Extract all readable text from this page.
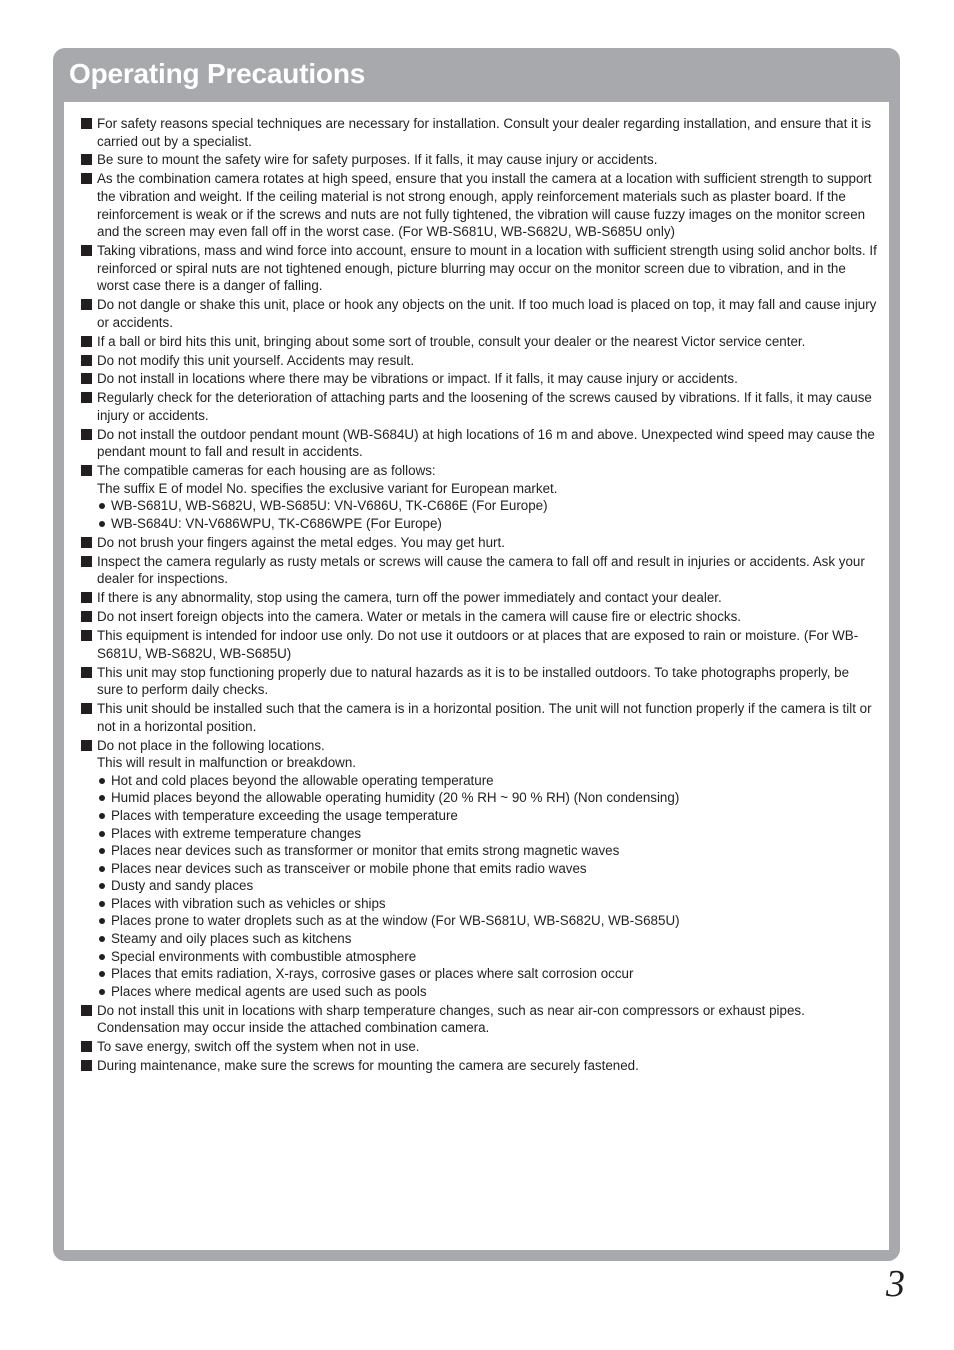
Operating Precautions

For safety reasons special techniques are necessary for installation. Consult your dealer regarding installation, and ensure that it is carried out by a specialist.

Be sure to mount the safety wire for safety purposes. If it falls, it may cause injury or accidents.

As the combination camera rotates at high speed, ensure that you install the camera at a location with sufficient strength to support the vibration and weight. If the ceiling material is not strong enough, apply reinforcement materials such as plaster board. If the reinforcement is weak or if the screws and nuts are not fully tightened, the vibration will cause fuzzy images on the monitor screen and the screen may even fall off in the worst case. (For WB-S681U, WB-S682U, WB-S685U only)

Taking vibrations, mass and wind force into account, ensure to mount in a location with sufficient strength using solid anchor bolts. If reinforced or spiral nuts are not tightened enough, picture blurring may occur on the monitor screen due to vibration, and in the worst case there is a danger of falling.

Do not dangle or shake this unit, place or hook any objects on the unit. If too much load is placed on top, it may fall and cause injury or accidents.

If a ball or bird hits this unit, bringing about some sort of trouble, consult your dealer or the nearest Victor service center.

Do not modify this unit yourself. Accidents may result.

Do not install in locations where there may be vibrations or impact. If it falls, it may cause injury or accidents.

Regularly check for the deterioration of attaching parts and the loosening of the screws caused by vibrations. If it falls, it may cause injury or accidents.

Do not install the outdoor pendant mount (WB-S684U) at high locations of 16 m and above. Unexpected wind speed may cause the pendant mount to fall and result in accidents.

The compatible cameras for each housing are as follows:

The suffix E of model No. specifies the exclusive variant for European market.

WB-S681U, WB-S682U, WB-S685U: VN-V686U, TK-C686E (For Europe)
WB-S684U: VN-V686WPU, TK-C686WPE (For Europe)

Do not brush your fingers against the metal edges. You may get hurt.

Inspect the camera regularly as rusty metals or screws will cause the camera to fall off and result in injuries or accidents. Ask your dealer for inspections.

If there is any abnormality, stop using the camera, turn off the power immediately and contact your dealer.

Do not insert foreign objects into the camera. Water or metals in the camera will cause fire or electric shocks.

This equipment is intended for indoor use only. Do not use it outdoors or at places that are exposed to rain or moisture. (For WB-S681U, WB-S682U, WB-S685U)

This unit may stop functioning properly due to natural hazards as it is to be installed outdoors. To take photographs properly, be sure to perform daily checks.

This unit should be installed such that the camera is in a horizontal position. The unit will not function properly if the camera is tilt or not in a horizontal position.

Do not place in the following locations.

This will result in malfunction or breakdown.

Hot and cold places beyond the allowable operating temperature
Humid places beyond the allowable operating humidity (20 % RH ~ 90 % RH) (Non condensing)
Places with temperature exceeding the usage temperature
Places with extreme temperature changes
Places near devices such as transformer or monitor that emits strong magnetic waves
Places near devices such as transceiver or mobile phone that emits radio waves
Dusty and sandy places
Places with vibration such as vehicles or ships
Places prone to water droplets such as at the window (For WB-S681U, WB-S682U, WB-S685U)
Steamy and oily places such as kitchens
Special environments with combustible atmosphere
Places that emits radiation, X-rays, corrosive gases or places where salt corrosion occur
Places where medical agents are used such as pools

Do not install this unit in locations with sharp temperature changes, such as near air-con compressors or exhaust pipes. Condensation may occur inside the attached combination camera.

To save energy, switch off the system when not in use.

During maintenance, make sure the screws for mounting the camera are securely fastened.

3
